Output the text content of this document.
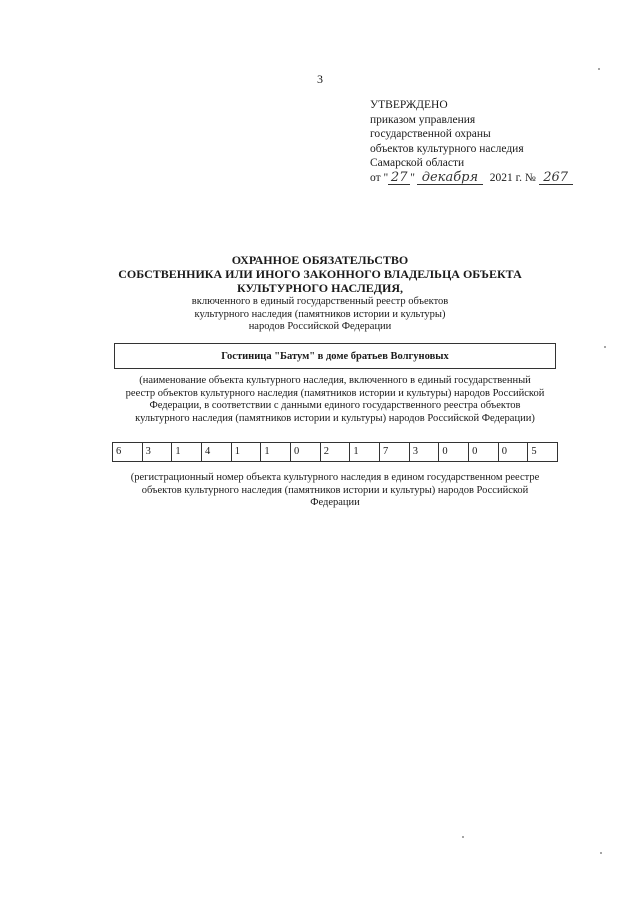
3
УТВЕРЖДЕНО
приказом управления
государственной охраны
объектов культурного наследия
Самарской области
от " 27 " декабря 2021 г. № 267
ОХРАННОЕ ОБЯЗАТЕЛЬСТВО
СОБСТВЕННИКА ИЛИ ИНОГО ЗАКОННОГО ВЛАДЕЛЬЦА ОБЪЕКТА
КУЛЬТУРНОГО НАСЛЕДИЯ,
включенного в единый государственный реестр объектов
культурного наследия (памятников истории и культуры)
народов Российской Федерации
Гостиница "Батум" в доме братьев Волгуновых
(наименование объекта культурного наследия, включенного в единый государственный
реестр объектов культурного наследия (памятников истории и культуры) народов Российской
Федерации, в соответствии с данными единого государственного реестра объектов
культурного наследия (памятников истории и культуры) народов Российской Федерации)
6	3	1	4	1	1	0	2	1	7	3	0	0	0	5
(регистрационный номер объекта культурного наследия в едином государственном реестре
объектов культурного наследия (памятников истории и культуры) народов Российской
Федерации
